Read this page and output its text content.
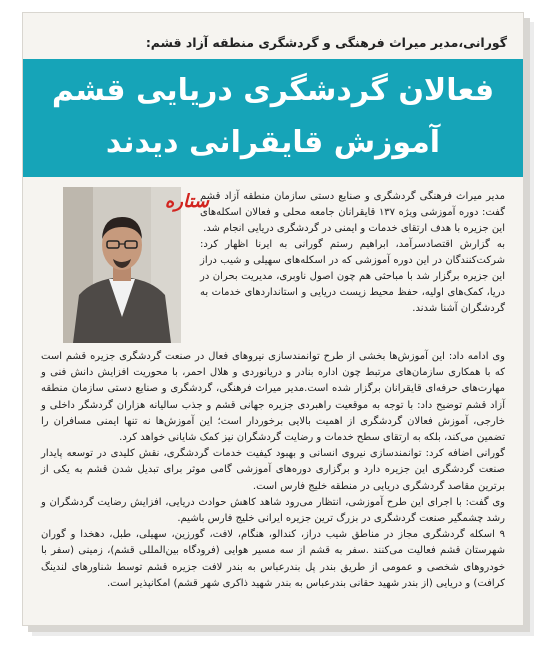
گورانی،مدیر میراث فرهنگی و گردشگری منطقه آزاد قشم:
فعالان گردشگری دریایی قشم
آموزش قایقرانی دیدند
ستاره

مدیر میراث فرهنگی گردشگری و صنایع دستی سازمان منطقه آزاد قشم گفت: دوره آموزشی ویژه ۱۳۷ قایقرانان جامعه محلی و فعالان اسکله‌های این جزیره با هدف ارتقای خدمات و ایمنی در گردشگری دریایی انجام شد.

به گزارش اقتصادسرآمد، ابراهیم رستم گورانی به ایرنا اظهار کرد: شرکت‌کنندگان در این دوره آموزشی که در اسکله‌های سهیلی و شیب دراز این جزیره برگزار شد با مباحثی هم چون اصول ناوبری، مدیریت بحران در دریا، کمک‌های اولیه، حفظ محیط زیست دریایی و استانداردهای خدمات به گردشگران آشنا شدند.

وی ادامه داد: این آموزش‌ها بخشی از طرح توانمندسازی نیروهای فعال در صنعت گردشگری جزیره قشم است که با همکاری سازمان‌های مرتبط چون اداره بنادر و دریانوردی و هلال احمر، با محوریت افزایش دانش فنی و مهارت‌های حرفه‌ای قایقرانان برگزار شده است.مدیر میراث فرهنگی، گردشگری و صنایع دستی سازمان منطقه آزاد قشم توضیح داد: با توجه به موقعیت راهبردی جزیره جهانی قشم و جذب سالیانه هزاران گردشگر داخلی و خارجی، آموزش فعالان گردشگری از اهمیت بالایی برخوردار است؛ این آموزش‌ها نه تنها ایمنی مسافران را تضمین می‌کند، بلکه به ارتقای سطح خدمات و رضایت گردشگران نیز کمک شایانی خواهد کرد.

گورانی اضافه کرد: توانمندسازی نیروی انسانی و بهبود کیفیت خدمات گردشگری، نقش کلیدی در توسعه پایدار صنعت گردشگری این جزیره دارد و برگزاری دوره‌های آموزشی گامی موثر برای تبدیل شدن قشم به یکی از برترین مقاصد گردشگری دریایی در منطقه خلیج فارس است.

وی گفت: با اجرای این طرح آموزشی، انتظار می‌رود شاهد کاهش حوادث دریایی، افزایش رضایت گردشگران و رشد چشمگیر صنعت گردشگری در بزرگ ترین جزیره ایرانی خلیج فارس باشیم.

۹ اسکله گردشگری مجاز در مناطق شیب دراز، کندالو، هنگام، لافت، گورزین، سهیلی، طبل، دهخدا و گوران شهرستان قشم فعالیت می‌کنند .سفر به قشم از سه مسیر هوایی (فرودگاه بین‌المللی قشم)، زمینی (سفر با خودروهای شخصی و عمومی از طریق بندر پل بندرعباس به بندر لافت جزیره قشم توسط شناورهای لندینگ کرافت) و دریایی (از بندر شهید حقانی بندرعباس به بندر شهید ذاکری شهر قشم) امکانپذیر است.
